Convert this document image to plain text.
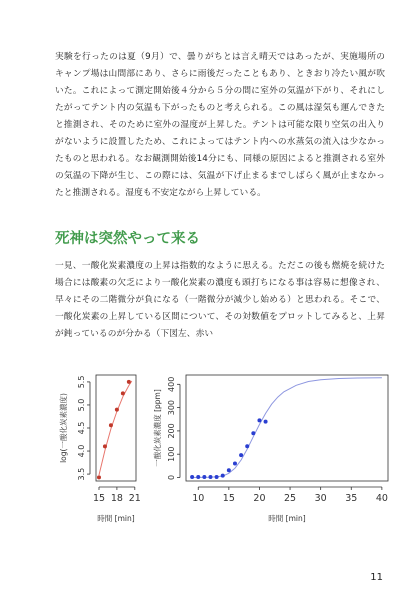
実験を行ったのは夏（9月）で、曇りがちとは言え晴天ではあったが、実施場所のキャンプ場は山間部にあり、さらに雨後だったこともあり、ときおり冷たい風が吹いた。これによって測定開始後４分から５分の間に室外の気温が下がり、それにしたがってテント内の気温も下がったものと考えられる。この風は湿気も運んできたと推測され、そのために室外の湿度が上昇した。テントは可能な限り空気の出入りがないように設置したため、これによってはテント内への水蒸気の流入は少なかったものと思われる。なお観測開始後14分にも、同様の原因によると推測される室外の気温の下降が生じ、この際には、気温が下げ止まるまでしばらく風が止まなかったと推測される。湿度も不安定ながら上昇している。

死神は突然やって来る

一見、一酸化炭素濃度の上昇は指数的なように思える。ただこの後も燃焼を続けた場合には酸素の欠乏により一酸化炭素の濃度も頭打ちになる事は容易に想像され、早々にその二階微分が負になる（一階微分が減少し始める）と思われる。そこで、一酸化炭素の上昇している区間について、その対数値をプロットしてみると、上昇が鈍っているのが分かる（下図左、赤い

15 18 21
3.5
4.0
4.5
5.0
5.5
時間 [min]
log(一酸化炭素濃度)
10 15 20 25 30 35 40
0
100
200
300
400
時間 [min]
一酸化炭素濃度 [ppm]
11
